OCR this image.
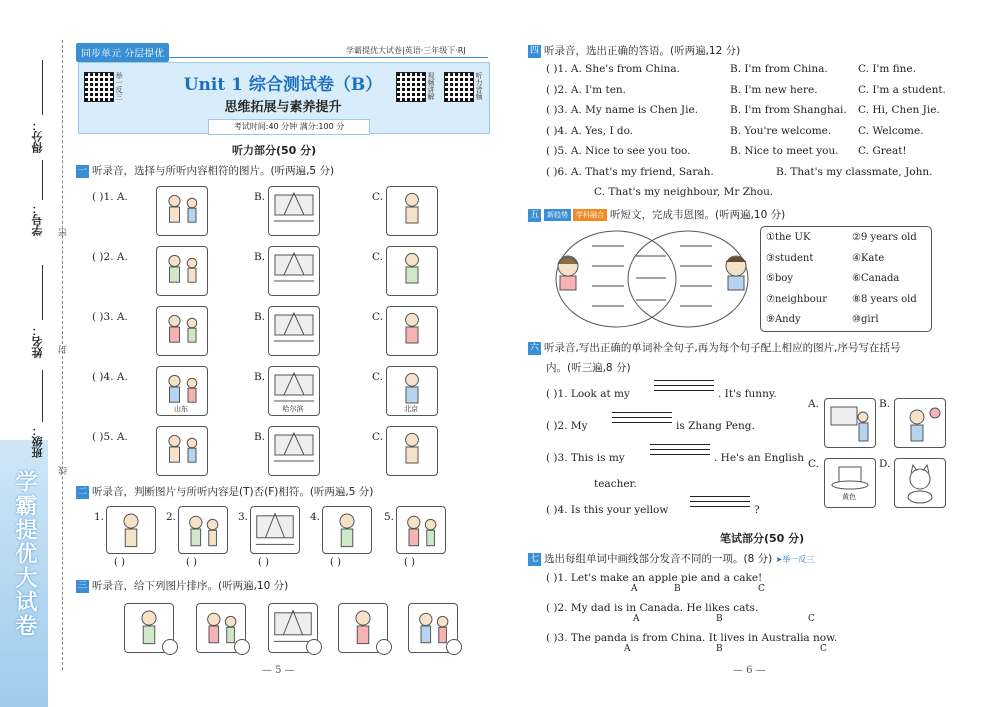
学霸提优大试卷
得分：
学号：
姓名：
班级：
密
封
线
同步单元 分层提优	学霸提优大试卷|英语·三年级下·RJ
举一反三	视频讲解	听力音频
Unit 1 综合测试卷（B）
思维拓展与素养提升
考试时间:40 分钟 满分:100 分
听力部分(50 分)
一 听录音，选择与所听内容相符的图片。(听两遍,5 分)
二 听录音，判断图片与所听内容是(T)否(F)相符。(听两遍,5 分)
三 听录音，给下列图片排序。(听两遍,10 分)
— 5 —
四 听录音，选出正确的答语。(听两遍,12 分)
C. That's my neighbour, Mr Zhou.
五 新趋势 学科融合 听短文，完成韦恩图。(听两遍,10 分)
六 听录音,写出正确的单词补全句子,再为每个句子配上相应的图片,序号写在括号
内。(听三遍,8 分)
( )1. Look at my	. It's funny.
( )2. My	is Zhang Peng.
( )3. This is my	. He's an English
teacher.
( )4. Is this your yellow	?
A.	B.
C.
黄色
D.
笔试部分(50 分)
七 选出每组单词中画线部分发音不同的一项。(8 分) ➤举一反三
— 6 —
( )1. A.	B.	C.
( )2. A.	B.	C.
( )3. A.	B.	C.
( )4. A.
山东
B.
哈尔滨
C.
北京
( )5. A.	B.	C.
1.
( )
2.
( )
3.
( )
4.
( )
5.
( )
( )1. A. She's from China.	B. I'm from China.	C. I'm fine.
( )2. A. I'm ten.	B. I'm new here.	C. I'm a student.
( )3. A. My name is Chen Jie.	B. I'm from Shanghai. C. Hi, Chen Jie.
( )4. A. Yes, I do.	B. You're welcome.	C. Welcome.
( )5. A. Nice to see you too.	B. Nice to meet you. C. Great!
( )6. A. That's my friend, Sarah.	B. That's my classmate, John.
①the UK	②9 years old
③student	④Kate
⑤boy	⑥Canada
⑦neighbour ⑧8 years old
⑨Andy	⑩girl
( )1. Let's make an apple pie and a cake!
A	B	C
( )2. My dad is in Canada. He likes cats.
A	B	C
( )3. The panda is from China. It lives in Australia now.
A	B	C
